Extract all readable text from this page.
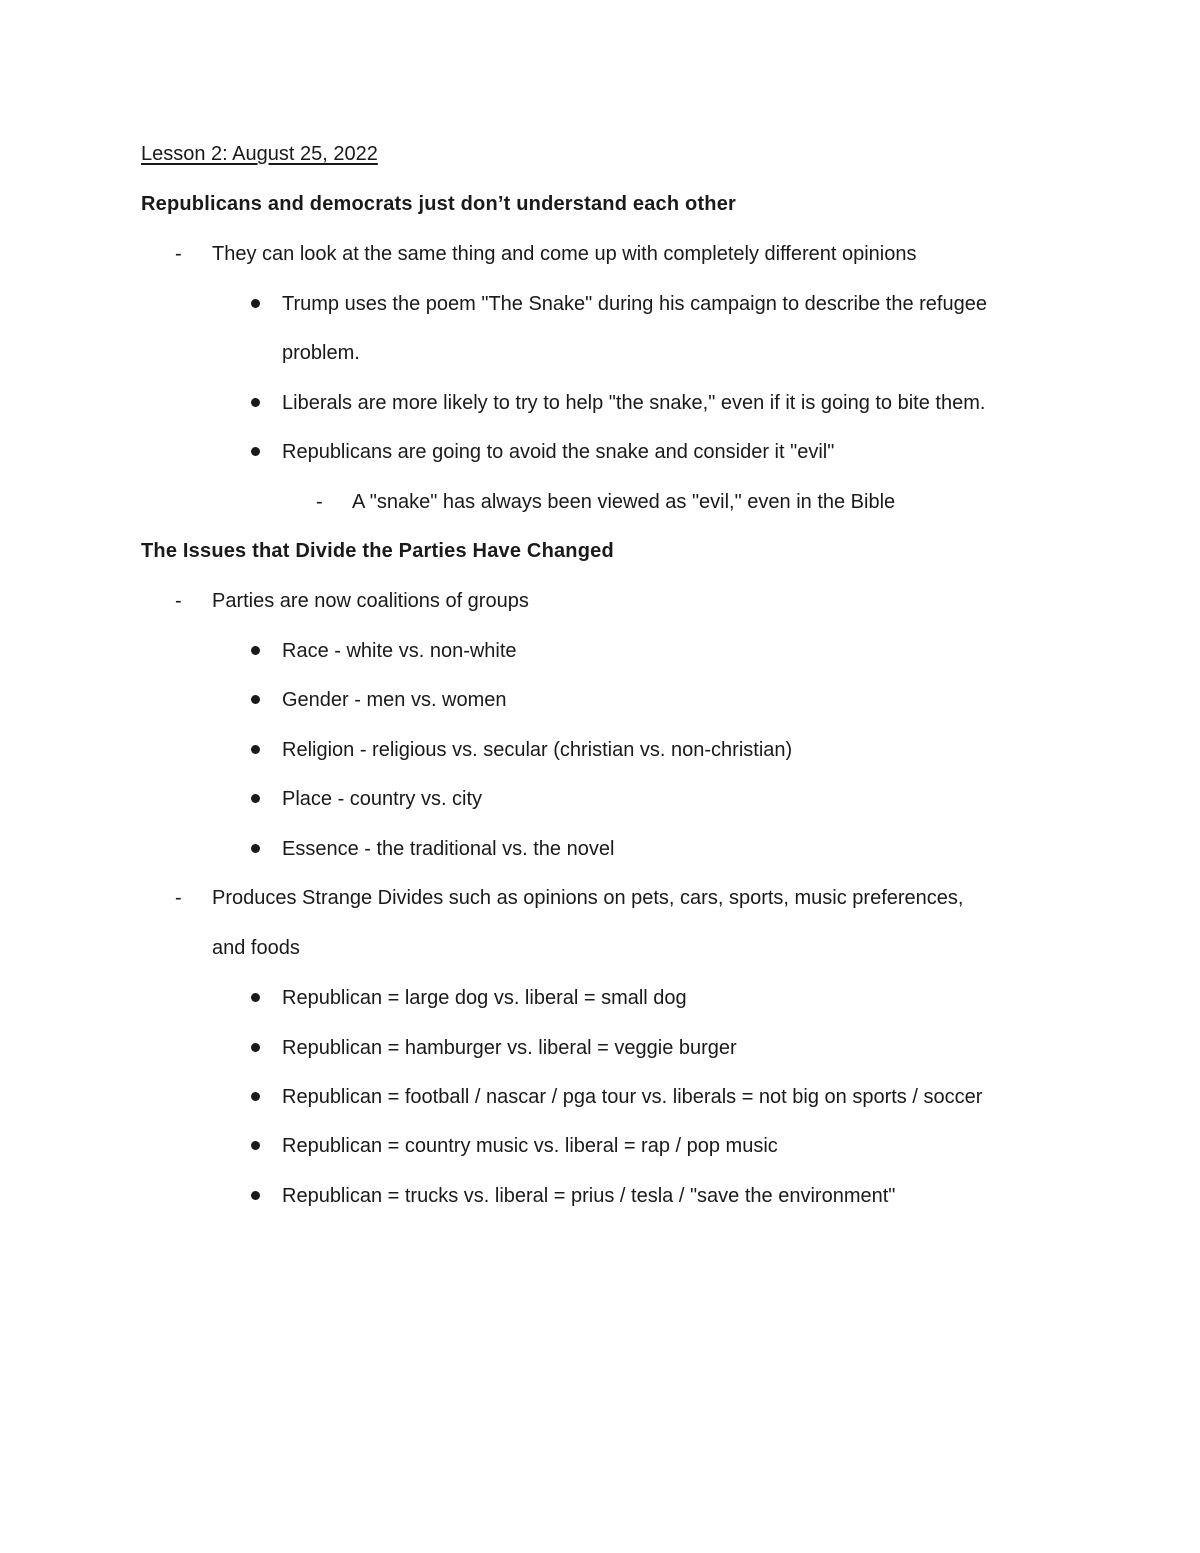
Lesson 2: August 25, 2022
Republicans and democrats just don’t understand each other
- They can look at the same thing and come up with completely different opinions
Trump uses the poem "The Snake" during his campaign to describe the refugee
problem.
Liberals are more likely to try to help "the snake," even if it is going to bite them.
Republicans are going to avoid the snake and consider it "evil"
- A "snake" has always been viewed as "evil," even in the Bible
The Issues that Divide the Parties Have Changed
- Parties are now coalitions of groups
Race - white vs. non-white
Gender - men vs. women
Religion - religious vs. secular (christian vs. non-christian)
Place - country vs. city
Essence - the traditional vs. the novel
- Produces Strange Divides such as opinions on pets, cars, sports, music preferences,
and foods
Republican = large dog vs. liberal = small dog
Republican = hamburger vs. liberal = veggie burger
Republican = football / nascar / pga tour vs. liberals = not big on sports / soccer
Republican = country music vs. liberal = rap / pop music
Republican = trucks vs. liberal = prius / tesla / "save the environment"
